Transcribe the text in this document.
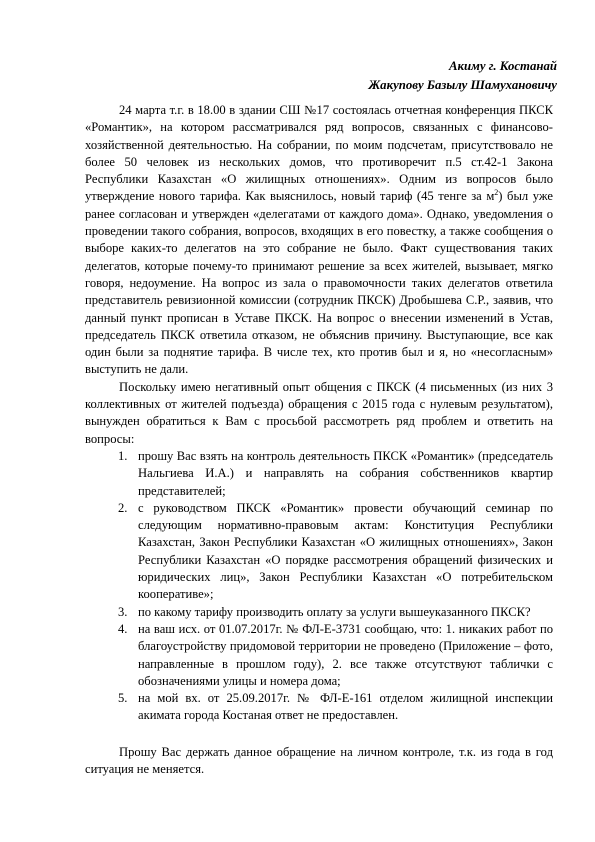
Акиму г. Костанай
Жакупову Базылу Шамухановичу

24 марта т.г. в 18.00 в здании СШ №17 состоялась отчетная конференция ПКСК «Романтик», на котором рассматривался ряд вопросов, связанных с финансово-хозяйственной деятельностью. На собрании, по моим подсчетам, присутствовало не более 50 человек из нескольких домов, что противоречит п.5 ст.42-1 Закона Республики Казахстан «О жилищных отношениях». Одним из вопросов было утверждение нового тарифа. Как выяснилось, новый тариф (45 тенге за $м^2$) был уже ранее согласован и утвержден «делегатами от каждого дома». Однако, уведомления о проведении такого собрания, вопросов, входящих в его повестку, а также сообщения о выборе каких-то делегатов на это собрание не было. Факт существования таких делегатов, которые почему-то принимают решение за всех жителей, вызывает, мягко говоря, недоумение. На вопрос из зала о правомочности таких делегатов ответила представитель ревизионной комиссии (сотрудник ПКСК) Дробышева С.Р., заявив, что данный пункт прописан в Уставе ПКСК. На вопрос о внесении изменений в Устав, председатель ПКСК ответила отказом, не объяснив причину. Выступающие, все как один были за поднятие тарифа. В числе тех, кто против был и я, но «несогласным» выступить не дали.

Поскольку имею негативный опыт общения с ПКСК (4 письменных (из них 3 коллективных от жителей подъезда) обращения с 2015 года с нулевым результатом), вынужден обратиться к Вам с просьбой рассмотреть ряд проблем и ответить на вопросы:

1. прошу Вас взять на контроль деятельность ПКСК «Романтик» (председатель Нальгиева И.А.) и направлять на собрания собственников квартир представителей;
2. с руководством ПКСК «Романтик» провести обучающий семинар по следующим нормативно-правовым актам: Конституция Республики Казахстан, Закон Республики Казахстан «О жилищных отношениях», Закон Республики Казахстан «О порядке рассмотрения обращений физических и юридических лиц», Закон Республики Казахстан «О потребительском кооперативе»;
3. по какому тарифу производить оплату за услуги вышеуказанного ПКСК?
4. на ваш исх. от 01.07.2017г. № ФЛ-Е-3731 сообщаю, что: 1. никаких работ по благоустройству придомовой территории не проведено (Приложение – фото, направленные в прошлом году), 2. все также отсутствуют таблички с обозначениями улицы и номера дома;
5. на мой вх. от 25.09.2017г. № ФЛ-Е-161 отделом жилищной инспекции акимата города Костаная ответ не предоставлен.

Прошу Вас держать данное обращение на личном контроле, т.к. из года в год ситуация не меняется.
